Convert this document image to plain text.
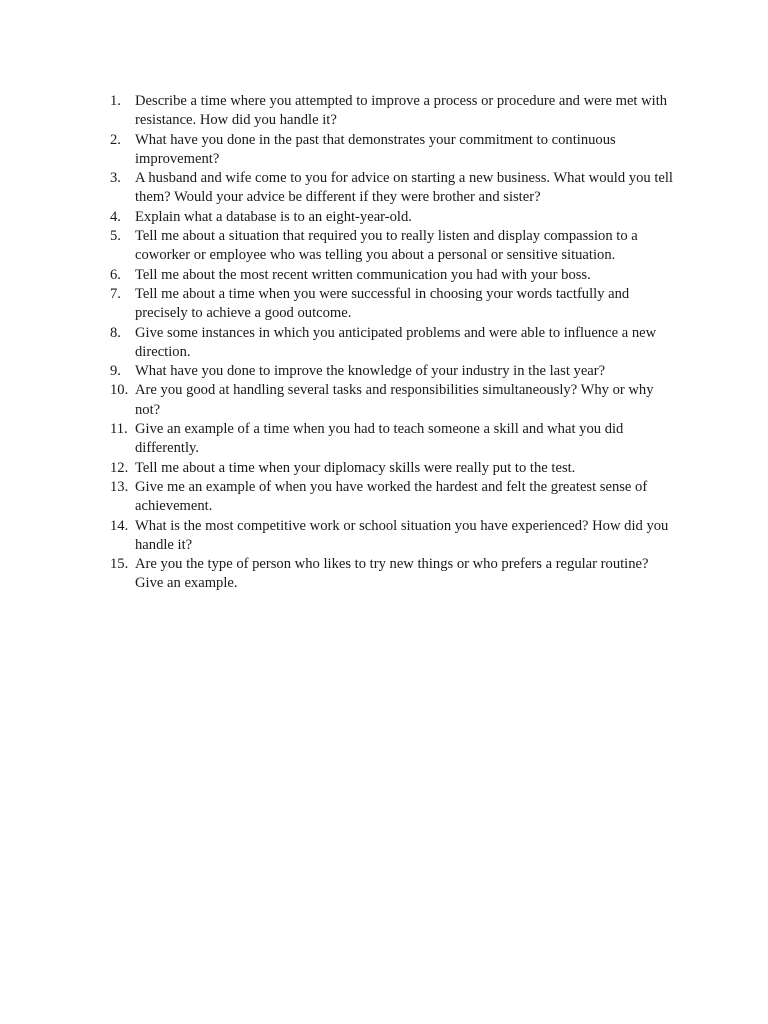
1. Describe a time where you attempted to improve a process or procedure and were met with resistance. How did you handle it?
2. What have you done in the past that demonstrates your commitment to continuous improvement?
3. A husband and wife come to you for advice on starting a new business. What would you tell them? Would your advice be different if they were brother and sister?
4. Explain what a database is to an eight-year-old.
5. Tell me about a situation that required you to really listen and display compassion to a coworker or employee who was telling you about a personal or sensitive situation.
6. Tell me about the most recent written communication you had with your boss.
7. Tell me about a time when you were successful in choosing your words tactfully and precisely to achieve a good outcome.
8. Give some instances in which you anticipated problems and were able to influence a new direction.
9. What have you done to improve the knowledge of your industry in the last year?
10. Are you good at handling several tasks and responsibilities simultaneously? Why or why not?
11. Give an example of a time when you had to teach someone a skill and what you did differently.
12. Tell me about a time when your diplomacy skills were really put to the test.
13. Give me an example of when you have worked the hardest and felt the greatest sense of achievement.
14. What is the most competitive work or school situation you have experienced? How did you handle it?
15. Are you the type of person who likes to try new things or who prefers a regular routine? Give an example.
